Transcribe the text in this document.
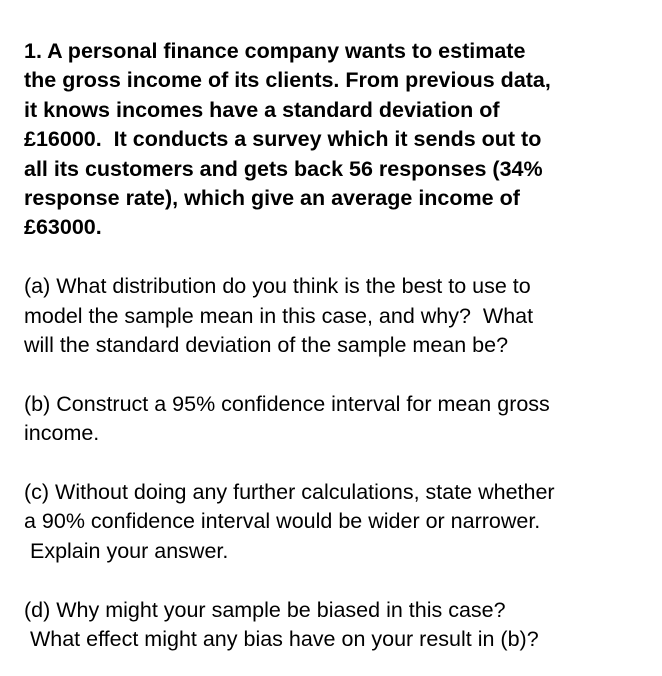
1. A personal finance company wants to estimate
the gross income of its clients. From previous data,
it knows incomes have a standard deviation of
£16000.  It conducts a survey which it sends out to
all its customers and gets back 56 responses (34%
response rate), which give an average income of
£63000.
(a) What distribution do you think is the best to use to
model the sample mean in this case, and why?  What
will the standard deviation of the sample mean be?
(b) Construct a 95% confidence interval for mean gross
income.
(c) Without doing any further calculations, state whether
a 90% confidence interval would be wider or narrower.
Explain your answer.
(d) Why might your sample be biased in this case?
What effect might any bias have on your result in (b)?
